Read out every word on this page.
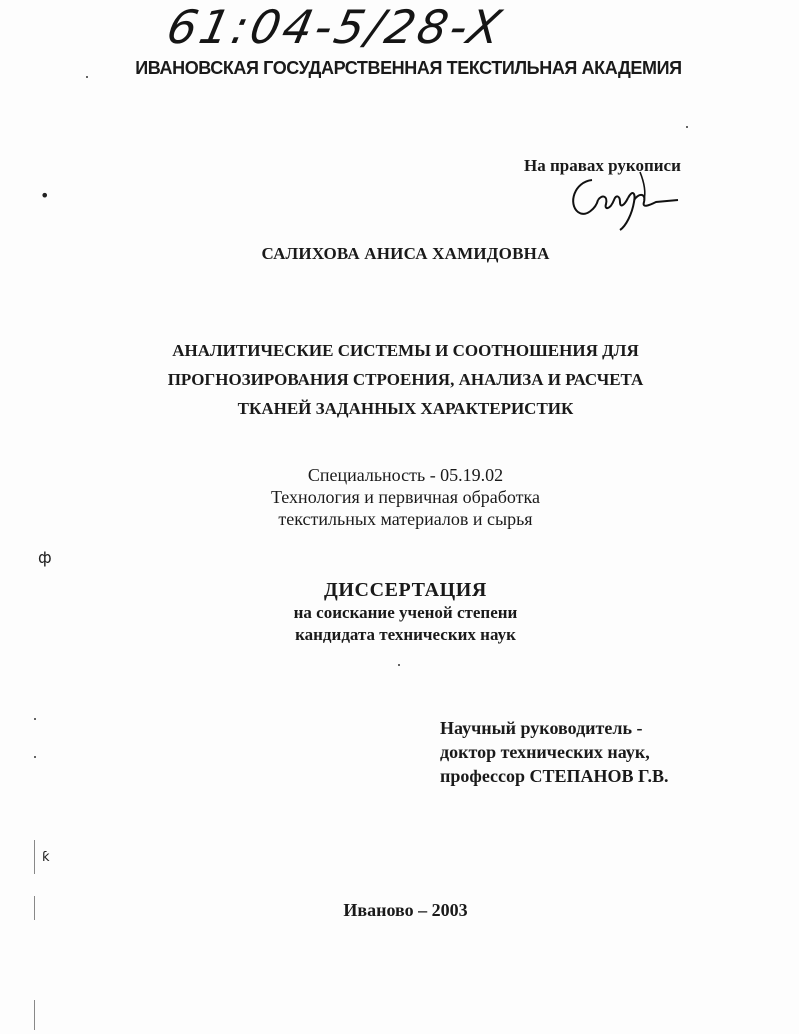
61:04-5/28-X
ИВАНОВСКАЯ ГОСУДАРСТВЕННАЯ ТЕКСТИЛЬНАЯ АКАДЕМИЯ
На правах рукописи
САЛИХОВА АНИСА ХАМИДОВНА
АНАЛИТИЧЕСКИЕ СИСТЕМЫ И СООТНОШЕНИЯ ДЛЯ
ПРОГНОЗИРОВАНИЯ СТРОЕНИЯ, АНАЛИЗА И РАСЧЕТА
ТКАНЕЙ ЗАДАННЫХ ХАРАКТЕРИСТИК
Специальность - 05.19.02
Технология и первичная обработка
текстильных материалов и сырья
ДИССЕРТАЦИЯ
на соискание ученой степени
кандидата технических наук
Научный руководитель -
доктор технических наук,
профессор СТЕПАНОВ Г.В.
Иваново – 2003
•
ф
ƙ
